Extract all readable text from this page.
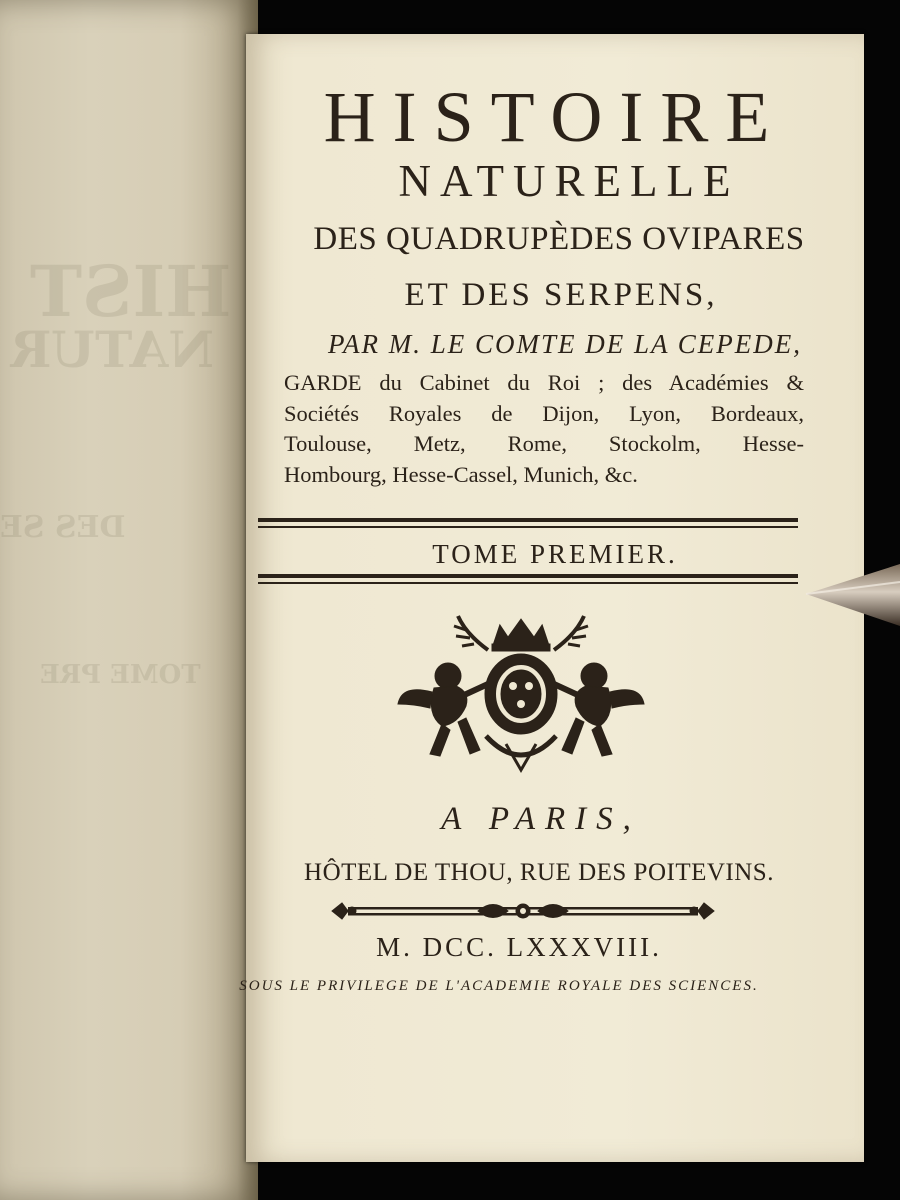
HIST
NATUR
DES SE
TOME PRE
HISTOIRE
NATURELLE
DES QUADRUPÈDES OVIPARES
ET DES SERPENS,
PAR M. LE COMTE DE LA CEPEDE,
GARDE du Cabinet du Roi ; des Académies &
Sociétés Royales de Dijon, Lyon, Bordeaux,
Toulouse, Metz, Rome, Stockolm, Hesse-
Hombourg, Hesse-Cassel, Munich, &c.
TOME PREMIER.
A PARIS,
HÔTEL DE THOU, RUE DES POITEVINS.
M. DCC. LXXXVIII.
SOUS LE PRIVILEGE DE L'ACADEMIE ROYALE DES SCIENCES.
